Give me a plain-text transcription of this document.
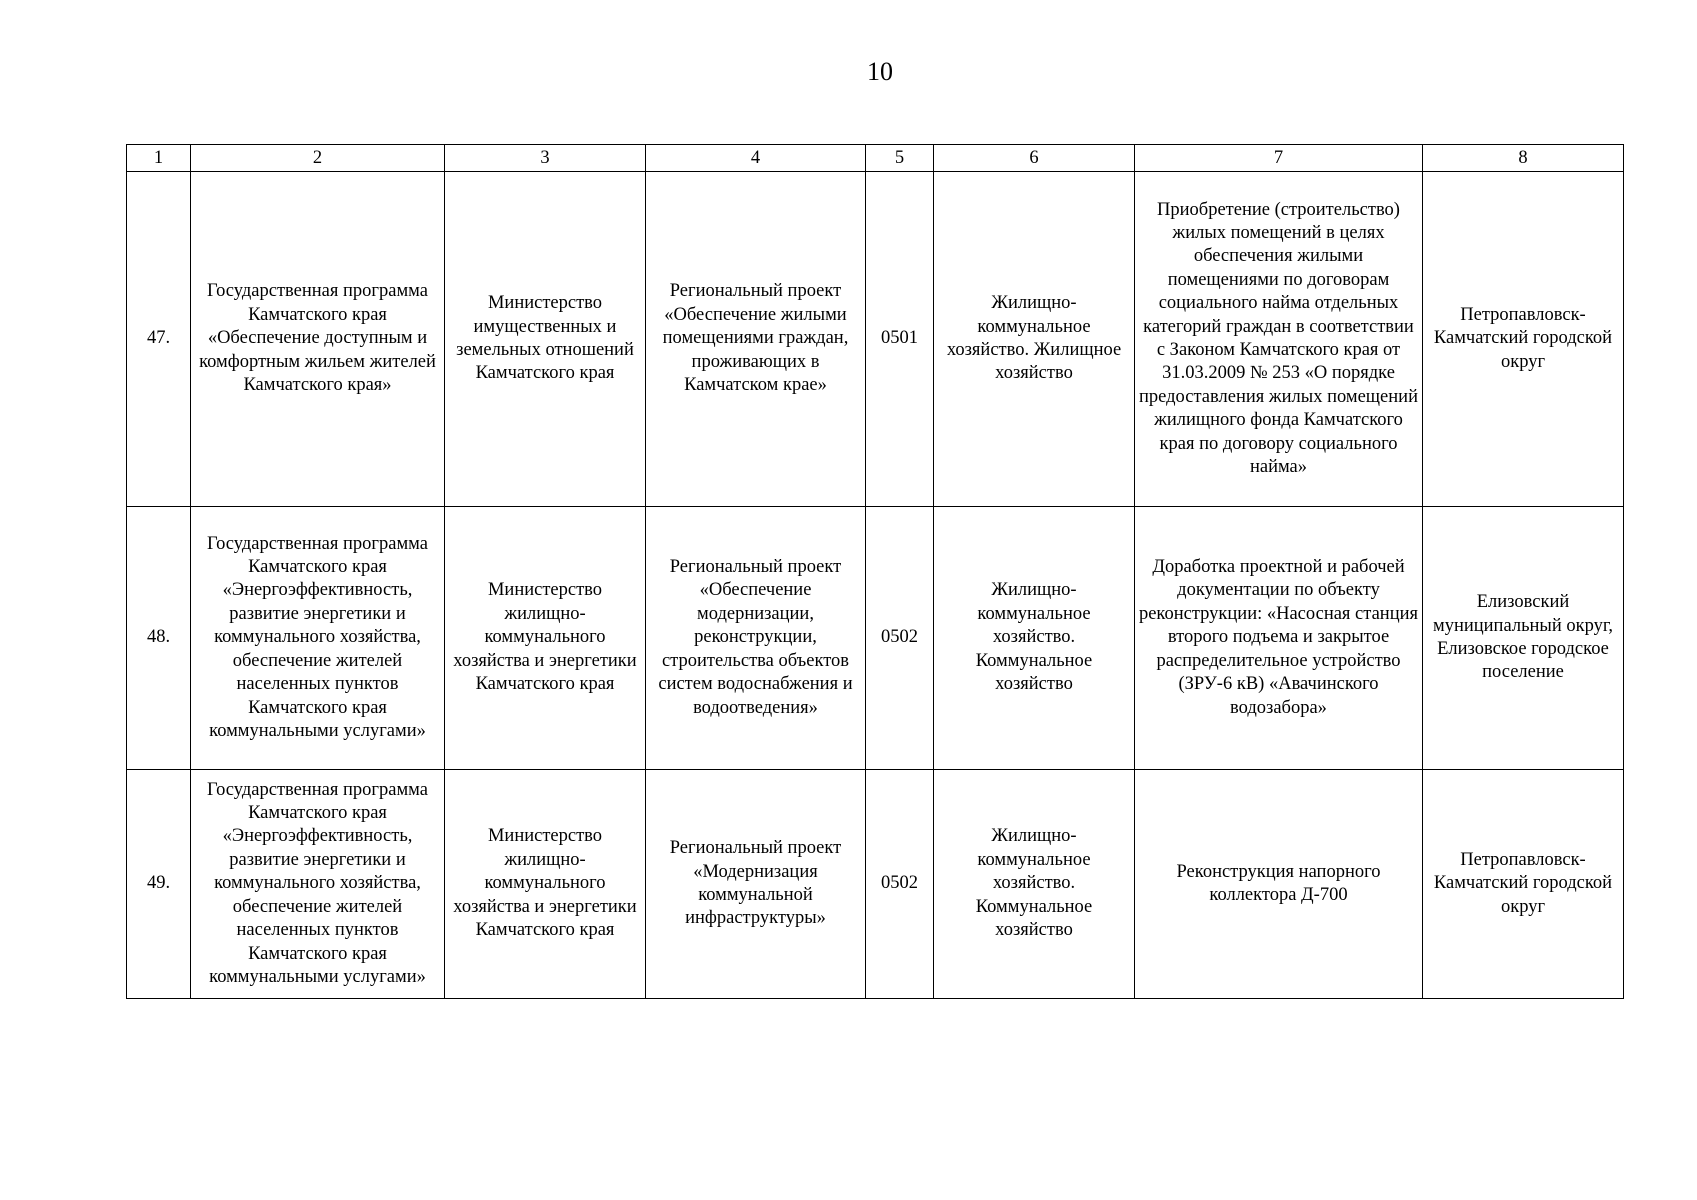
10
1	2	3	4	5	6	7	8
47.	Государственная программа Камчатского края «Обеспечение доступным и комфортным жильем жителей Камчатского края»	Министерство имущественных и земельных отношений Камчатского края	Региональный проект «Обеспечение жилыми помещениями граждан, проживающих в Камчатском крае»	0501	Жилищно-коммунальное хозяйство. Жилищное хозяйство	Приобретение (строительство) жилых помещений в целях обеспечения жилыми помещениями по договорам социального найма отдельных категорий граждан в соответствии с Законом Камчатского края от 31.03.2009 № 253 «О порядке предоставления жилых помещений жилищного фонда Камчатского края по договору социального найма»	Петропавловск-Камчатский городской округ
48.	Государственная программа Камчатского края «Энергоэффективность, развитие энергетики и коммунального хозяйства, обеспечение жителей населенных пунктов Камчатского края коммунальными услугами»	Министерство жилищно-коммунального хозяйства и энергетики Камчатского края	Региональный проект «Обеспечение модернизации, реконструкции, строительства объектов систем водоснабжения и водоотведения»	0502	Жилищно-коммунальное хозяйство. Коммунальное хозяйство	Доработка проектной и рабочей документации по объекту реконструкции: «Насосная станция второго подъема и закрытое распределительное устройство (ЗРУ-6 кВ) «Авачинского водозабора»	Елизовский муниципальный округ, Елизовское городское поселение
49.	Государственная программа Камчатского края «Энергоэффективность, развитие энергетики и коммунального хозяйства, обеспечение жителей населенных пунктов Камчатского края коммунальными услугами»	Министерство жилищно-коммунального хозяйства и энергетики Камчатского края	Региональный проект «Модернизация коммунальной инфраструктуры»	0502	Жилищно-коммунальное хозяйство. Коммунальное хозяйство	Реконструкция напорного коллектора Д-700	Петропавловск-Камчатский городской округ
